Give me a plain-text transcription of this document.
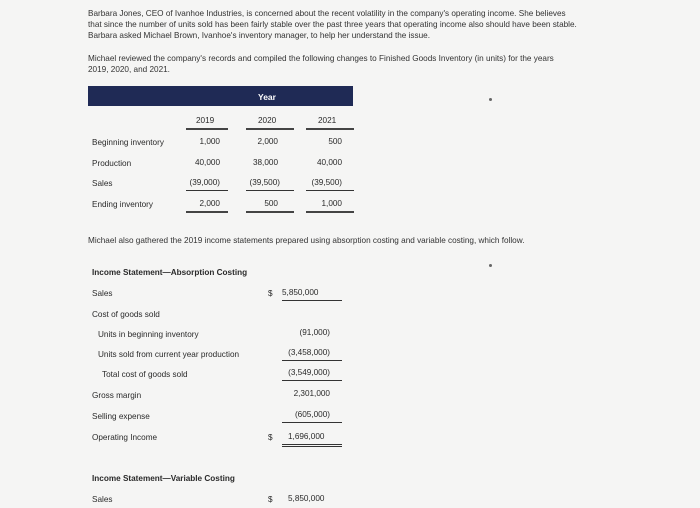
Barbara Jones, CEO of Ivanhoe Industries, is concerned about the recent volatility in the company's operating income. She believes
that since the number of units sold has been fairly stable over the past three years that operating income also should have been stable.
Barbara asked Michael Brown, Ivanhoe's inventory manager, to help her understand the issue.
Michael reviewed the company's records and compiled the following changes to Finished Goods Inventory (in units) for the years
2019, 2020, and 2021.
Year
2019	2020	2021
Beginning inventory	1,000	2,000	500
Production	40,000	38,000	40,000
Sales	(39,000)	(39,500)	(39,500)
Ending inventory	2,000	500	1,000
Michael also gathered the 2019 income statements prepared using absorption costing and variable costing, which follow.
Income Statement—Absorption Costing
Sales	$ 5,850,000
Cost of goods sold
Units in beginning inventory	(91,000)
Units sold from current year production	(3,458,000)
Total cost of goods sold	(3,549,000)
Gross margin	2,301,000
Selling expense	(605,000)
Operating Income	$ 1,696,000
Income Statement—Variable Costing
Sales	$ 5,850,000
